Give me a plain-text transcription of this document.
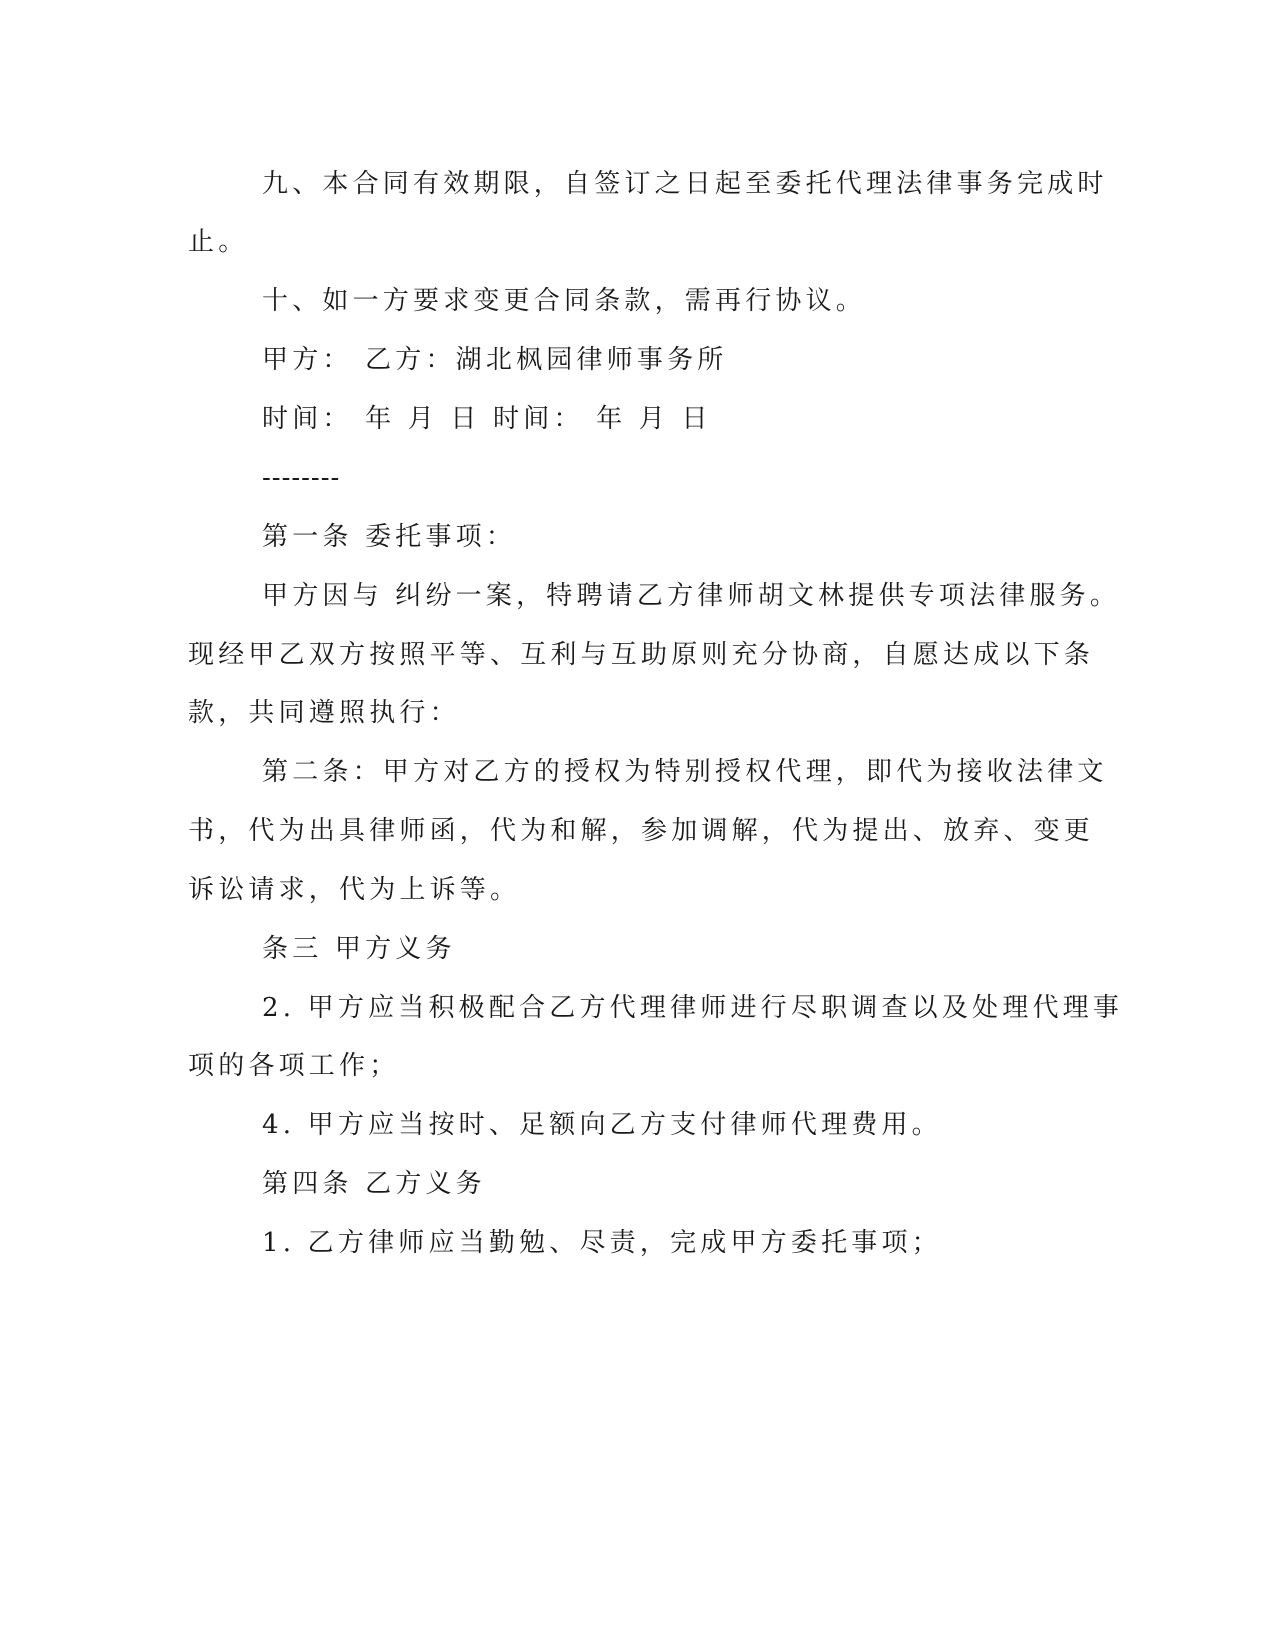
九、本合同有效期限，自签订之日起至委托代理法律事务完成时
止。
十、如一方要求变更合同条款，需再行协议。
甲方： 乙方：湖北枫园律师事务所
时间： 年 月 日 时间： 年 月 日
--------
第一条 委托事项：
甲方因与 纠纷一案，特聘请乙方律师胡文林提供专项法律服务。
现经甲乙双方按照平等、互利与互助原则充分协商，自愿达成以下条
款，共同遵照执行：
第二条：甲方对乙方的授权为特别授权代理，即代为接收法律文
书，代为出具律师函，代为和解，参加调解，代为提出、放弃、变更
诉讼请求，代为上诉等。
条三 甲方义务
2. 甲方应当积极配合乙方代理律师进行尽职调查以及处理代理事
项的各项工作；
4. 甲方应当按时、足额向乙方支付律师代理费用。
第四条 乙方义务
1. 乙方律师应当勤勉、尽责，完成甲方委托事项；
